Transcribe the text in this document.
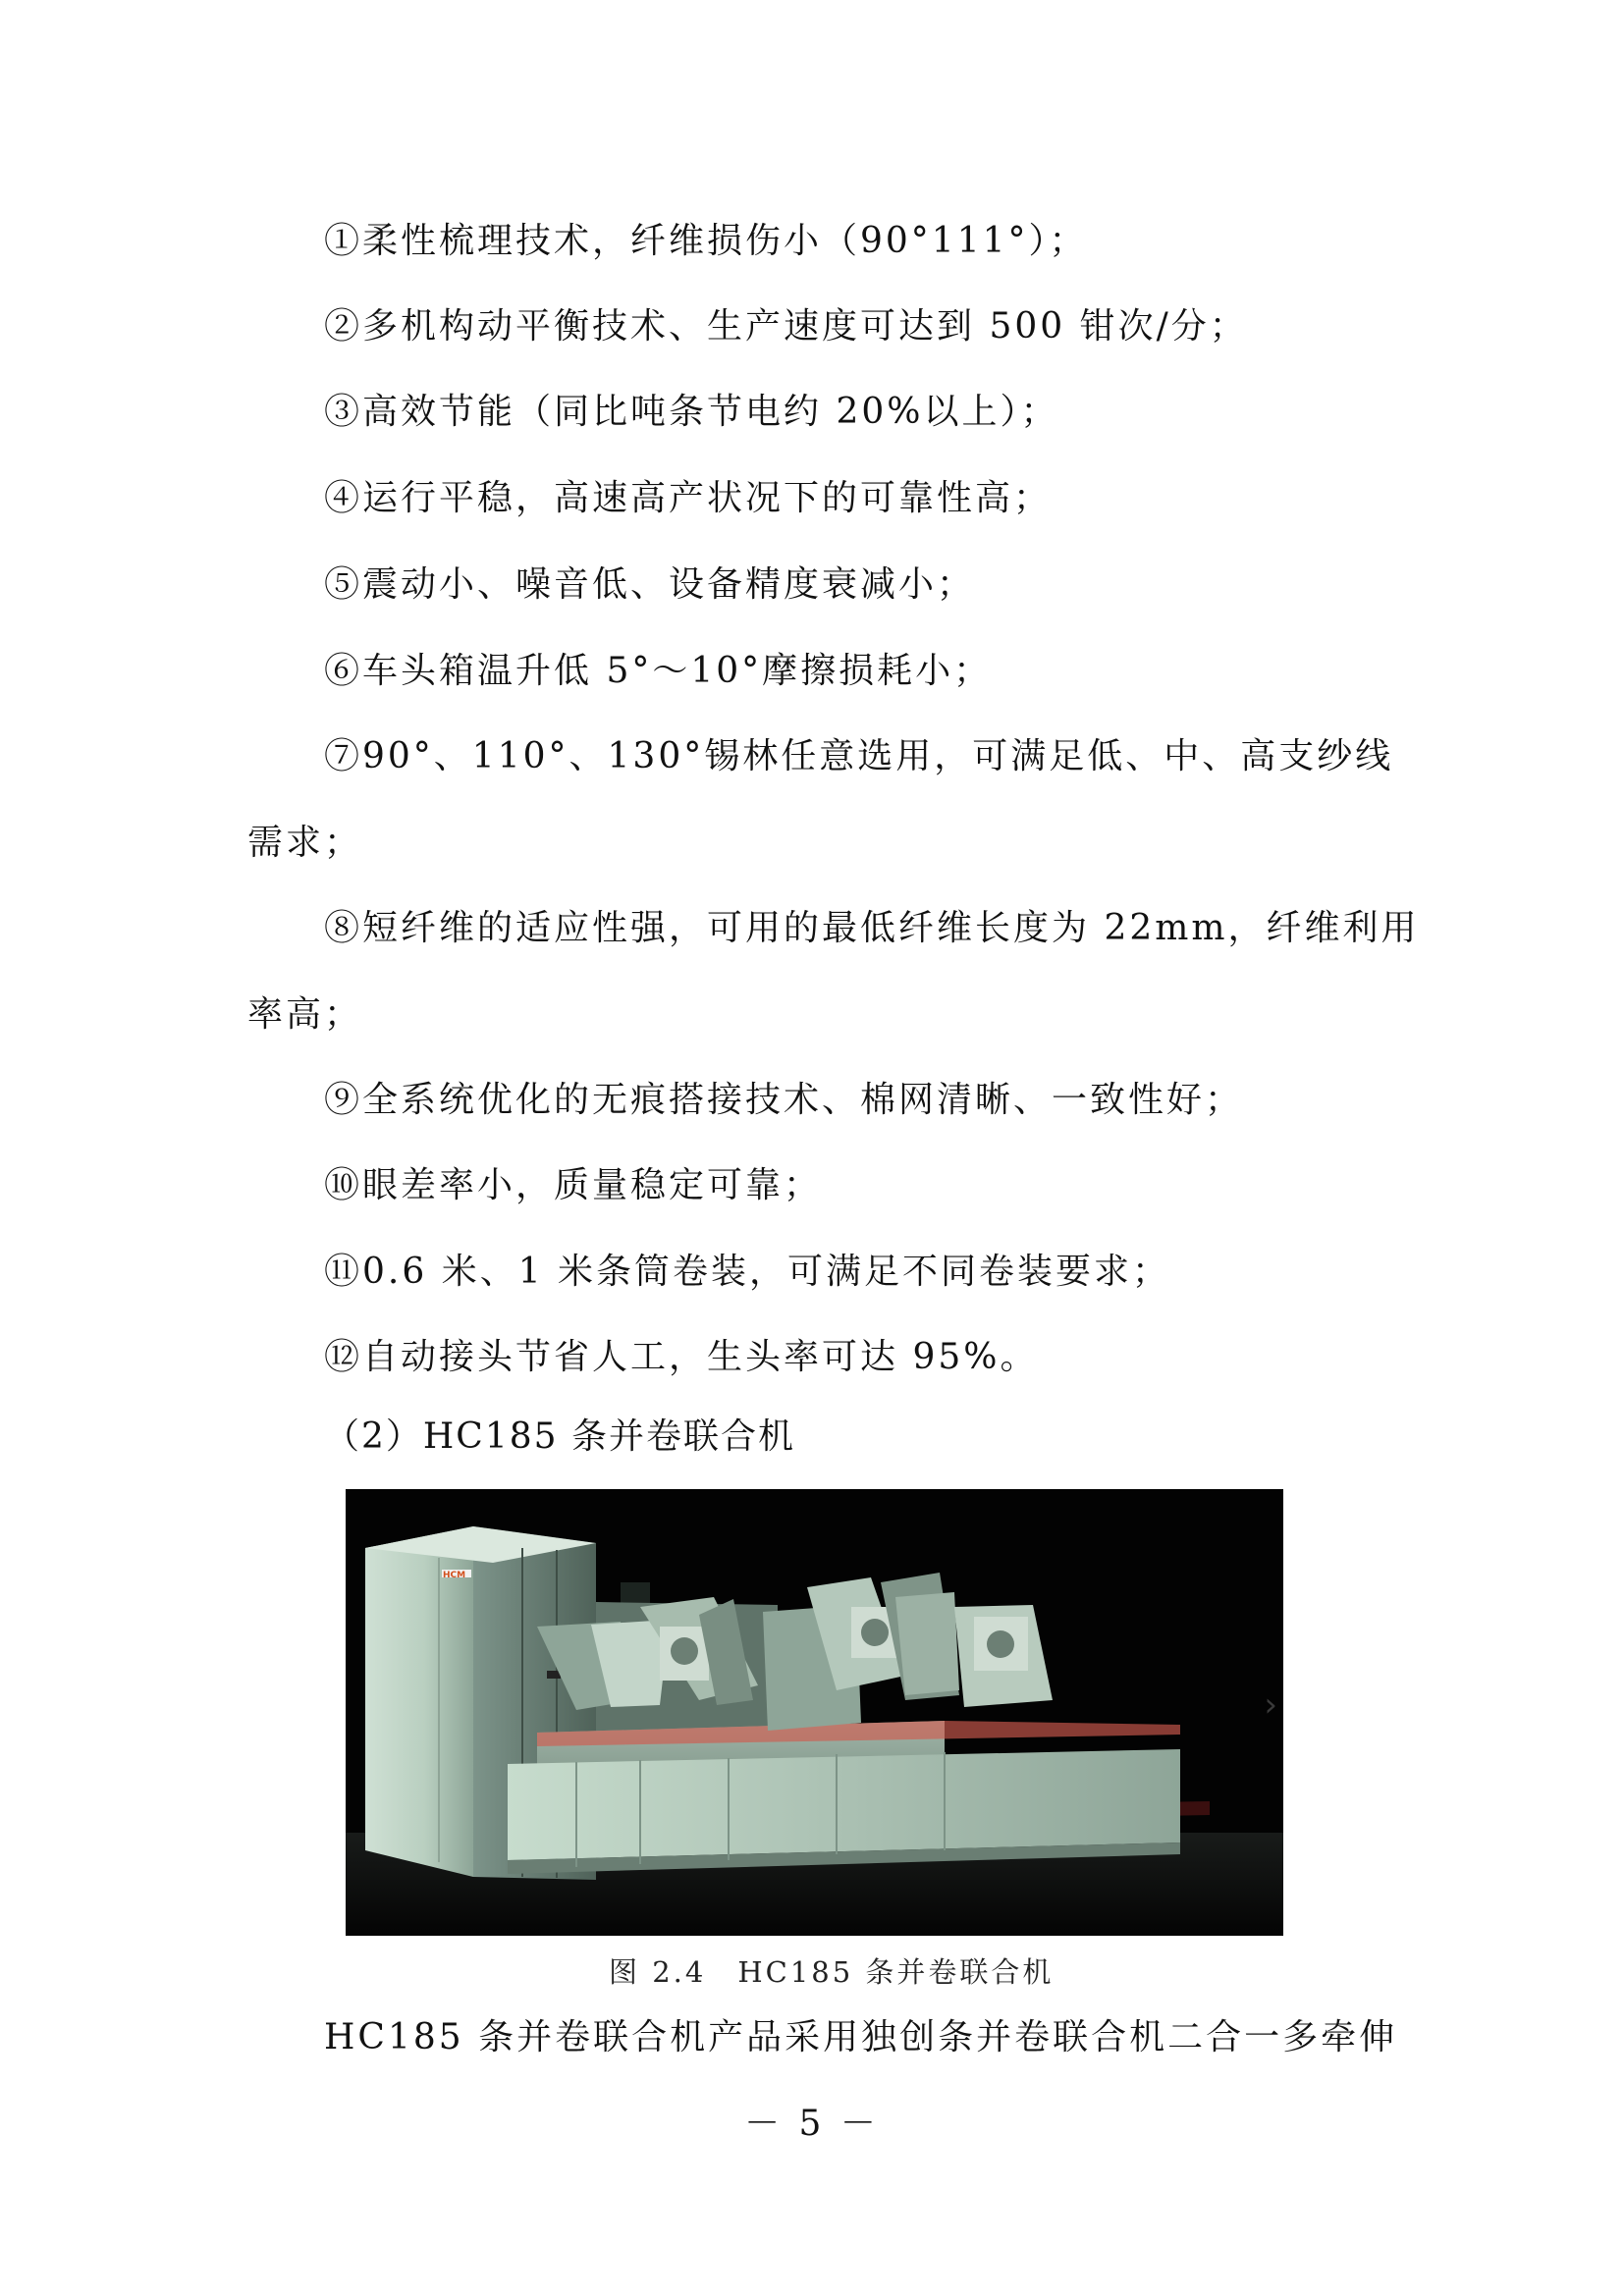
①柔性梳理技术，纤维损伤小（90°111°）；
②多机构动平衡技术、生产速度可达到 500 钳次/分；
③高效节能（同比吨条节电约 20%以上）；
④运行平稳，高速高产状况下的可靠性高；
⑤震动小、噪音低、设备精度衰减小；
⑥车头箱温升低 5°～10°摩擦损耗小；
⑦90°、110°、130°锡林任意选用，可满足低、中、高支纱线
需求；
⑧短纤维的适应性强，可用的最低纤维长度为 22mm，纤维利用
率高；
⑨全系统优化的无痕搭接技术、棉网清晰、一致性好；
⑩眼差率小，质量稳定可靠；
⑪0.6 米、1 米条筒卷装，可满足不同卷装要求；
⑫自动接头节省人工，生头率可达 95%。
（2）HC185 条并卷联合机
HCM
›
图 2.4　HC185 条并卷联合机
HC185 条并卷联合机产品采用独创条并卷联合机二合一多牵伸
－ 5 －
